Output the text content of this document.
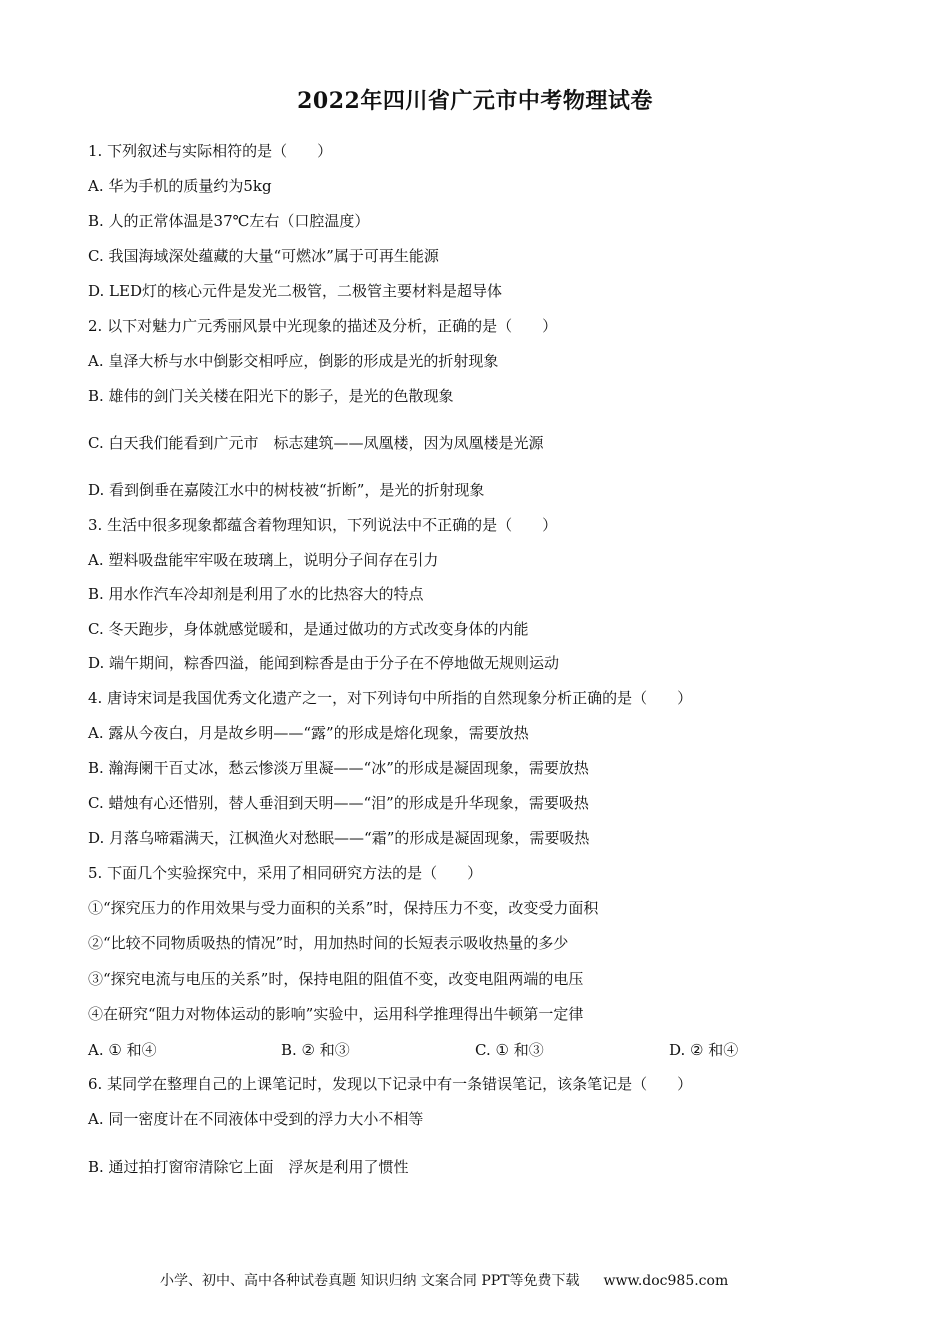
2022年四川省广元市中考物理试卷
1. 下列叙述与实际相符的是（　　）
A. 华为手机的质量约为5kg
B. 人的正常体温是37℃左右（口腔温度）
C. 我国海域深处蕴藏的大量“可燃冰”属于可再生能源
D. LED灯的核心元件是发光二极管，二极管主要材料是超导体
2. 以下对魅力广元秀丽风景中光现象的描述及分析，正确的是（　　）
A. 皇泽大桥与水中倒影交相呼应，倒影的形成是光的折射现象
B. 雄伟的剑门关关楼在阳光下的影子，是光的色散现象
C. 白天我们能看到广元市　标志建筑——凤凰楼，因为凤凰楼是光源
D. 看到倒垂在嘉陵江水中的树枝被“折断”，是光的折射现象
3. 生活中很多现象都蕴含着物理知识，下列说法中不正确的是（　　）
A. 塑料吸盘能牢牢吸在玻璃上，说明分子间存在引力
B. 用水作汽车冷却剂是利用了水的比热容大的特点
C. 冬天跑步，身体就感觉暖和，是通过做功的方式改变身体的内能
D. 端午期间，粽香四溢，能闻到粽香是由于分子在不停地做无规则运动
4. 唐诗宋词是我国优秀文化遗产之一，对下列诗句中所指的自然现象分析正确的是（　　）
A. 露从今夜白，月是故乡明——“露”的形成是熔化现象，需要放热
B. 瀚海阑干百丈冰，愁云惨淡万里凝——“冰”的形成是凝固现象，需要放热
C. 蜡烛有心还惜别，替人垂泪到天明——“泪”的形成是升华现象，需要吸热
D. 月落乌啼霜满天，江枫渔火对愁眠——“霜”的形成是凝固现象，需要吸热
5. 下面几个实验探究中，采用了相同研究方法的是（　　）
①“探究压力的作用效果与受力面积的关系”时，保持压力不变，改变受力面积
②“比较不同物质吸热的情况”时，用加热时间的长短表示吸收热量的多少
③“探究电流与电压的关系”时，保持电阻的阻值不变，改变电阻两端的电压
④在研究“阻力对物体运动的影响”实验中，运用科学推理得出牛顿第一定律
A. ① 和④	B. ② 和③	C. ① 和③	D. ② 和④
6. 某同学在整理自己的上课笔记时，发现以下记录中有一条错误笔记，该条笔记是（　　）
A. 同一密度计在不同液体中受到的浮力大小不相等
B. 通过拍打窗帘清除它上面　浮灰是利用了惯性
小学、初中、高中各种试卷真题 知识归纳 文案合同 PPT等免费下载 www.doc985.com
